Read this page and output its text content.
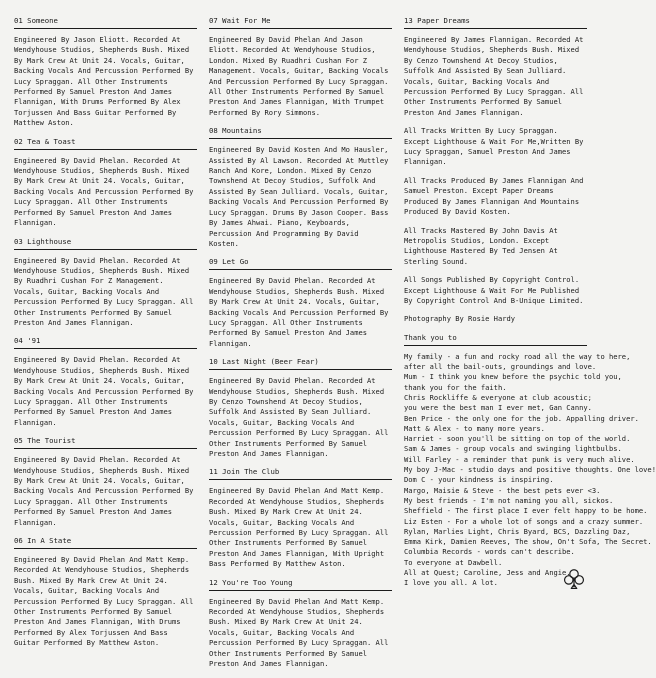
01 Someone

Engineered By Jason Eliott. Recorded At Wendyhouse Studios, Shepherds Bush. Mixed By Mark Crew At Unit 24. Vocals, Guitar, Backing Vocals And Percussion Performed By Lucy Spraggan. All Other Instruments Performed By Samuel Preston And James Flannigan, With Drums Performed By Alex Torjussen And Bass Guitar Performed By Matthew Aston.

02 Tea & Toast

Engineered By David Phelan. Recorded At Wendyhouse Studios, Shepherds Bush. Mixed By Mark Crew At Unit 24. Vocals, Guitar, Backing Vocals And Percussion Performed By Lucy Spraggan. All Other Instruments Performed By Samuel Preston And James Flannigan.

03 Lighthouse

Engineered By David Phelan. Recorded At Wendyhouse Studios, Shepherds Bush. Mixed By Ruadhri Cushan For Z Management. Vocals, Guitar, Backing Vocals And Percussion Performed By Lucy Spraggan. All Other Instruments Performed By Samuel Preston And James Flannigan.

04 '91

Engineered By David Phelan. Recorded At Wendyhouse Studios, Shepherds Bush. Mixed By Mark Crew At Unit 24. Vocals, Guitar, Backing Vocals And Percussion Performed By Lucy Spraggan. All Other Instruments Performed By Samuel Preston And James Flannigan.

05 The Tourist

Engineered By David Phelan. Recorded At Wendyhouse Studios, Shepherds Bush. Mixed By Mark Crew At Unit 24. Vocals, Guitar, Backing Vocals And Percussion Performed By Lucy Spraggan. All Other Instruments Performed By Samuel Preston And James Flannigan.

06 In A State

Engineered By David Phelan And Matt Kemp. Recorded At Wendyhouse Studios, Shepherds Bush. Mixed By Mark Crew At Unit 24. Vocals, Guitar, Backing Vocals And Percussion Performed By Lucy Spraggan. All Other Instruments Performed By Samuel Preston And James Flannigan, With Drums Performed By Alex Torjussen And Bass Guitar Performed By Matthew Aston.

07 Wait For Me

Engineered By David Phelan And Jason Eliott. Recorded At Wendyhouse Studios, London. Mixed By Ruadhri Cushan For Z Management. Vocals, Guitar, Backing Vocals And Percussion Performed By Lucy Spraggan. All Other Instruments Performed By Samuel Preston And James Flannigan, With Trumpet Performed By Rory Simmons.

08 Mountains

Engineered By David Kosten And Mo Hausler, Assisted By Al Lawson. Recorded At Muttley Ranch And Kore, London. Mixed By Cenzo Townshend At Decoy Studios, Suffolk And Assisted By Sean Julliard. Vocals, Guitar, Backing Vocals And Percussion Performed By Lucy Spraggan. Drums By Jason Cooper. Bass By James Ahwai. Piano, Keyboards, Percussion And Programming By David Kosten.

09 Let Go

Engineered By David Phelan. Recorded At Wendyhouse Studios, Shepherds Bush. Mixed By Mark Crew At Unit 24. Vocals, Guitar, Backing Vocals And Percussion Performed By Lucy Spraggan. All Other Instruments Performed By Samuel Preston And James Flannigan.

10 Last Night (Beer Fear)

Engineered By David Phelan. Recorded At Wendyhouse Studios, Shepherds Bush. Mixed By Cenzo Townshend At Decoy Studios, Suffolk And Assisted By Sean Julliard. Vocals, Guitar, Backing Vocals And Percussion Performed By Lucy Spraggan. All Other Instruments Performed By Samuel Preston And James Flannigan.

11 Join The Club

Engineered By David Phelan And Matt Kemp. Recorded At Wendyhouse Studios, Shepherds Bush. Mixed By Mark Crew At Unit 24. Vocals, Guitar, Backing Vocals And Percussion Performed By Lucy Spraggan. All Other Instruments Performed By Samuel Preston And James Flannigan, With Upright Bass Performed By Matthew Aston.

12 You're Too Young

Engineered By David Phelan And Matt Kemp. Recorded At Wendyhouse Studios, Shepherds Bush. Mixed By Mark Crew At Unit 24. Vocals, Guitar, Backing Vocals And Percussion Performed By Lucy Spraggan. All Other Instruments Performed By Samuel Preston And James Flannigan.

13 Paper Dreams

Engineered By James Flannigan. Recorded At Wendyhouse Studios, Shepherds Bush. Mixed By Cenzo Townshend At Decoy Studios, Suffolk And Assisted By Sean Julliard. Vocals, Guitar, Backing Vocals And Percussion Performed By Lucy Spraggan. All Other Instruments Performed By Samuel Preston And James Flannigan.

All Tracks Written By Lucy Spraggan. Except Lighthouse & Wait For Me,Written By Lucy Spraggan, Samuel Preston And James Flannigan.

All Tracks Produced By James Flannigan And Samuel Preston. Except Paper Dreams Produced By James Flannigan And Mountains Produced By David Kosten.

All Tracks Mastered By John Davis At Metropolis Studios, London. Except Lighthouse Mastered By Ted Jensen At Sterling Sound.

All Songs Published By Copyright Control. Except Lighthouse & Wait For Me Published By Copyright Control And B-Unique Limited.

Photography By Rosie Hardy

Thank you to
My family - a fun and rocky road all the way to here,
after all the bail-outs, groundings and love.
Mum - I think you knew before the psychic told you,
thank you for the faith.
Chris Rockliffe & everyone at club acoustic;
you were the best man I ever met, Gan Canny.
Ben Price - the only one for the job. Appalling driver.
Matt & Alex - to many more years.
Harriet - soon you'll be sitting on top of the world.
Sam & James - group vocals and swinging lightbulbs.
Will Farley - a reminder that punk is very much alive.
My boy J-Mac - studio days and positive thoughts. One love!
Dom C - your kindness is inspiring.
Margo, Maisie & Steve - the best pets ever <3.
My best friends - I'm not naming you all, sickos.
Sheffield - The first place I ever felt happy to be home.
Liz Esten - For a whole lot of songs and a crazy summer.
Rylan, Marlies Light, Chris Byard, BCS, Dazzling Daz,
Emma Kirk, Damien Reeves, The show, On't Sofa, The Secret.
Columbia Records - words can't describe.
To everyone at Dawbell.
All at Quest; Caroline, Jess and Angie.
I love you all. A lot.
